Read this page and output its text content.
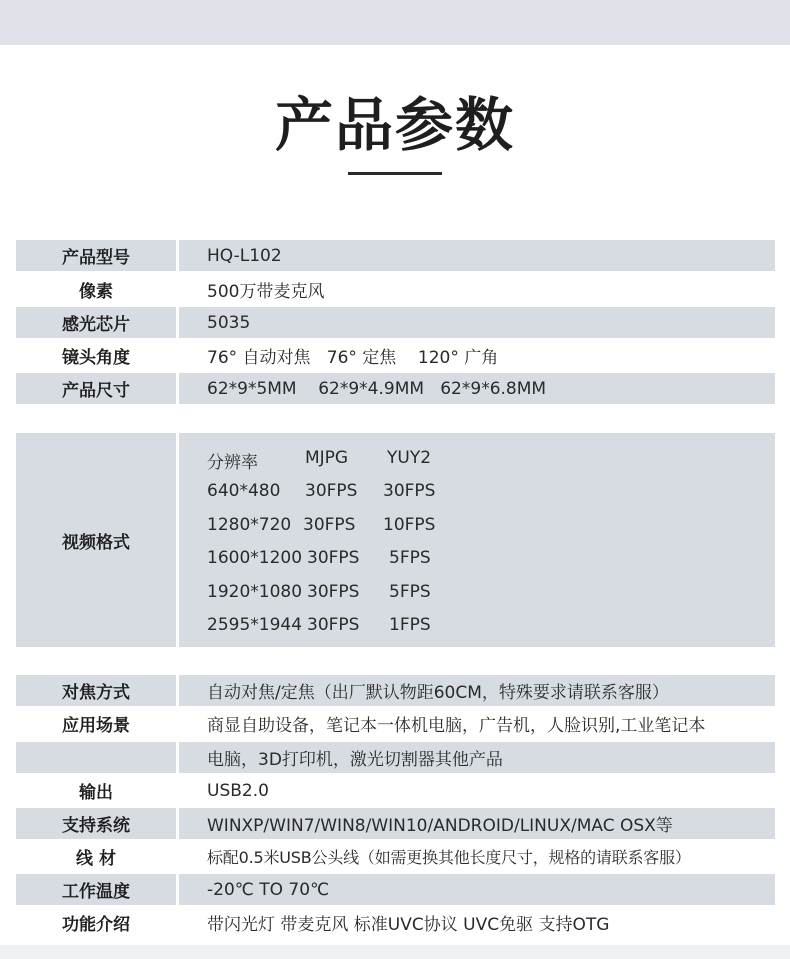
产品参数
产品型号	HQ-L102
像素	500万带麦克风
感光芯片	5035
镜头角度	76° 自动对焦   76° 定焦    120° 广角
产品尺寸	62*9*5MM    62*9*4.9MM   62*9*6.8MM
视频格式
分辨率	MJPG YUY2
640*480 30FPS 30FPS
1280*720 30FPS 10FPS
1600*1200 30FPS 5FPS
1920*1080 30FPS 5FPS
2595*1944 30FPS 1FPS
对焦方式	自动对焦/定焦（出厂默认物距60CM，特殊要求请联系客服）
应用场景	商显自助设备，笔记本一体机电脑，广告机，人脸识别,工业笔记本
电脑，3D打印机，激光切割器其他产品
输出	USB2.0
支持系统	WINXP/WIN7/WIN8/WIN10/ANDROID/LINUX/MAC OSX等
线 材	标配0.5米USB公头线（如需更换其他长度尺寸，规格的请联系客服）
工作温度	-20℃ TO 70℃
功能介绍	带闪光灯 带麦克风 标准UVC协议 UVC免驱 支持OTG
